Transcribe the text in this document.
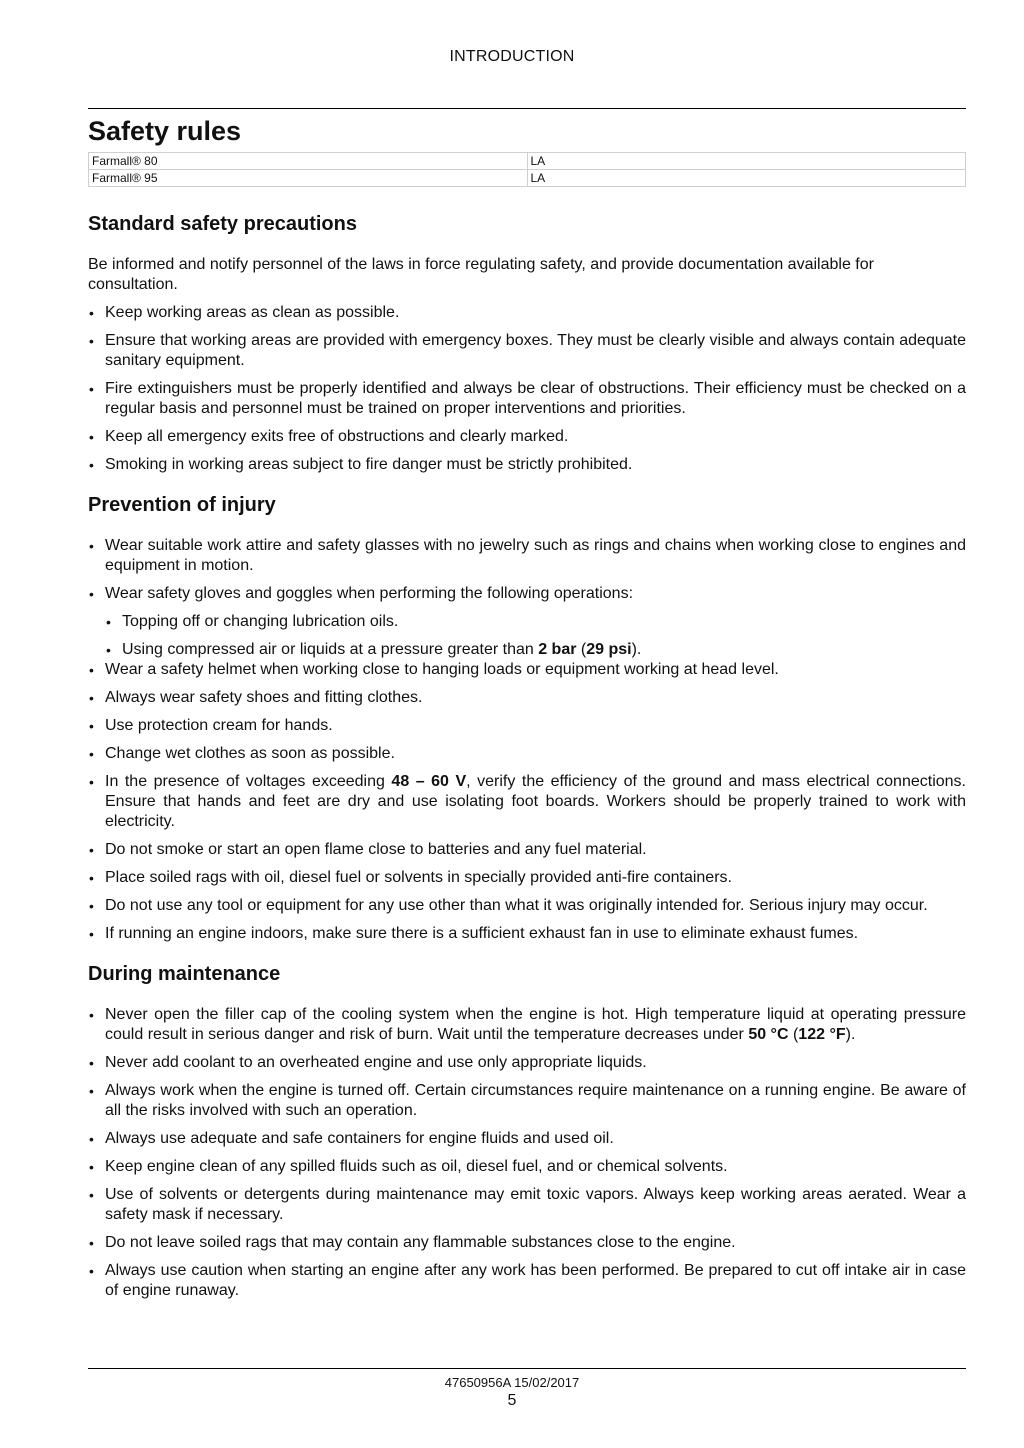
INTRODUCTION
Safety rules
Farmall® 80	LA
Farmall® 95	LA
Standard safety precautions

Be informed and notify personnel of the laws in force regulating safety, and provide documentation available for consultation.

• Keep working areas as clean as possible.
• Ensure that working areas are provided with emergency boxes. They must be clearly visible and always contain adequate sanitary equipment.
• Fire extinguishers must be properly identified and always be clear of obstructions. Their efficiency must be checked on a regular basis and personnel must be trained on proper interventions and priorities.
• Keep all emergency exits free of obstructions and clearly marked.
• Smoking in working areas subject to fire danger must be strictly prohibited.
Prevention of injury
• Wear suitable work attire and safety glasses with no jewelry such as rings and chains when working close to engines and equipment in motion.
• Wear safety gloves and goggles when performing the following operations:
• Topping off or changing lubrication oils.
• Using compressed air or liquids at a pressure greater than 2 bar (29 psi).
• Wear a safety helmet when working close to hanging loads or equipment working at head level.
• Always wear safety shoes and fitting clothes.
• Use protection cream for hands.
• Change wet clothes as soon as possible.
• In the presence of voltages exceeding 48 – 60 V, verify the efficiency of the ground and mass electrical connections. Ensure that hands and feet are dry and use isolating foot boards. Workers should be properly trained to work with electricity.
• Do not smoke or start an open flame close to batteries and any fuel material.
• Place soiled rags with oil, diesel fuel or solvents in specially provided anti-fire containers.
• Do not use any tool or equipment for any use other than what it was originally intended for. Serious injury may occur.
• If running an engine indoors, make sure there is a sufficient exhaust fan in use to eliminate exhaust fumes.
During maintenance
• Never open the filler cap of the cooling system when the engine is hot. High temperature liquid at operating pressure could result in serious danger and risk of burn. Wait until the temperature decreases under 50 °C (122 °F).
• Never add coolant to an overheated engine and use only appropriate liquids.
• Always work when the engine is turned off. Certain circumstances require maintenance on a running engine. Be aware of all the risks involved with such an operation.
• Always use adequate and safe containers for engine fluids and used oil.
• Keep engine clean of any spilled fluids such as oil, diesel fuel, and or chemical solvents.
• Use of solvents or detergents during maintenance may emit toxic vapors. Always keep working areas aerated. Wear a safety mask if necessary.
• Do not leave soiled rags that may contain any flammable substances close to the engine.
• Always use caution when starting an engine after any work has been performed. Be prepared to cut off intake air in case of engine runaway.
47650956A 15/02/2017
5
